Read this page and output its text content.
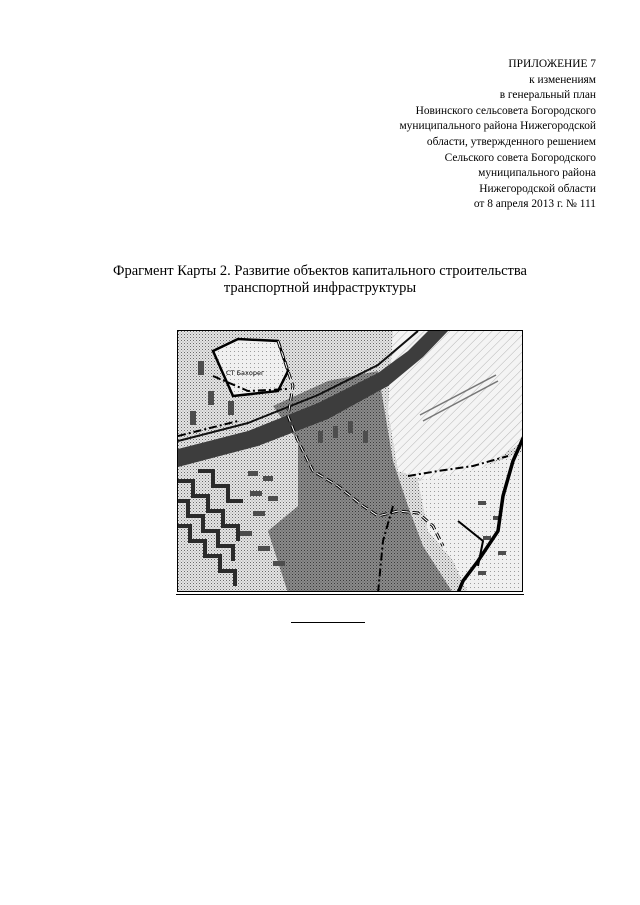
ПРИЛОЖЕНИЕ 7
к изменениям
в генеральный план
Новинского сельсовета Богородского
муниципального района Нижегородской
области, утвержденного решением
Сельского совета Богородского
муниципального района
Нижегородской области
от 8 апреля 2013 г. № 111
Фрагмент Карты 2. Развитие объектов капитального строительства
транспортной инфраструктуры
СТ Бахорег
